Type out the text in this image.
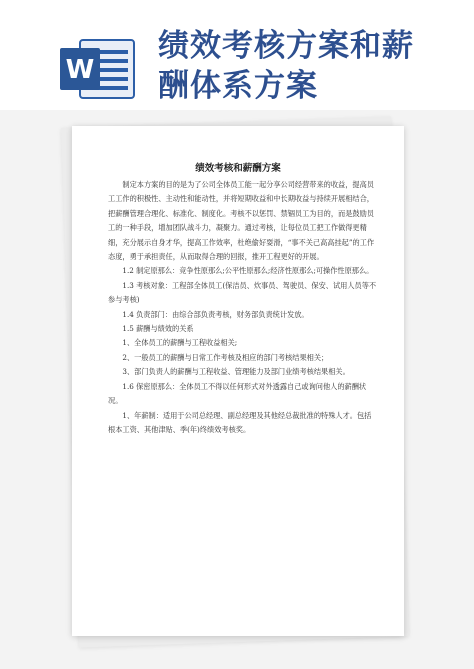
W
绩效考核方案和薪
酬体系方案
绩效考核和薪酬方案

制定本方案的目的是为了公司全体员工能一起分享公司经营带来的收益，提高员工工作的积极性、主动性和能动性，并将短期收益和中长期收益与持续开展相结合，把薪酬管理合理化、标准化、制度化。考核不以惩罚、禁锢员工为目的，而是鼓励员工的一种手段，增加团队战斗力，凝聚力。通过考核，让每位员工把工作做得更精细，充分展示自身才华，提高工作效率，杜绝偷好耍滑，“事不关己高高挂起”的工作态度，勇于承担责任，从而取得合理的回报，推开工程更好的开展。

1.2 制定原那么：竞争性原那么;公平性原那么;经济性原那么;可操作性原那么。

1.3 考核对象：工程部全体员工(保洁员、炊事员、驾驶员、保安、试用人员等不参与考核)

1.4 负责部门：由综合部负责考核，财务部负责统计发放。

1.5 薪酬与绩效的关系

1、全体员工的薪酬与工程收益相关;

2、一般员工的薪酬与日常工作考核及相应的部门考核结果相关；

3、部门负责人的薪酬与工程收益、管理能力及部门业绩考核结果相关。

1.6 保密原那么：全体员工不得以任何形式对外透露自己或询问他人的薪酬状况。

1、年薪制：适用于公司总经理、副总经理及其他经总裁批准的特殊人才。包括根本工资、其他津贴、季(年)终绩效考核奖。
